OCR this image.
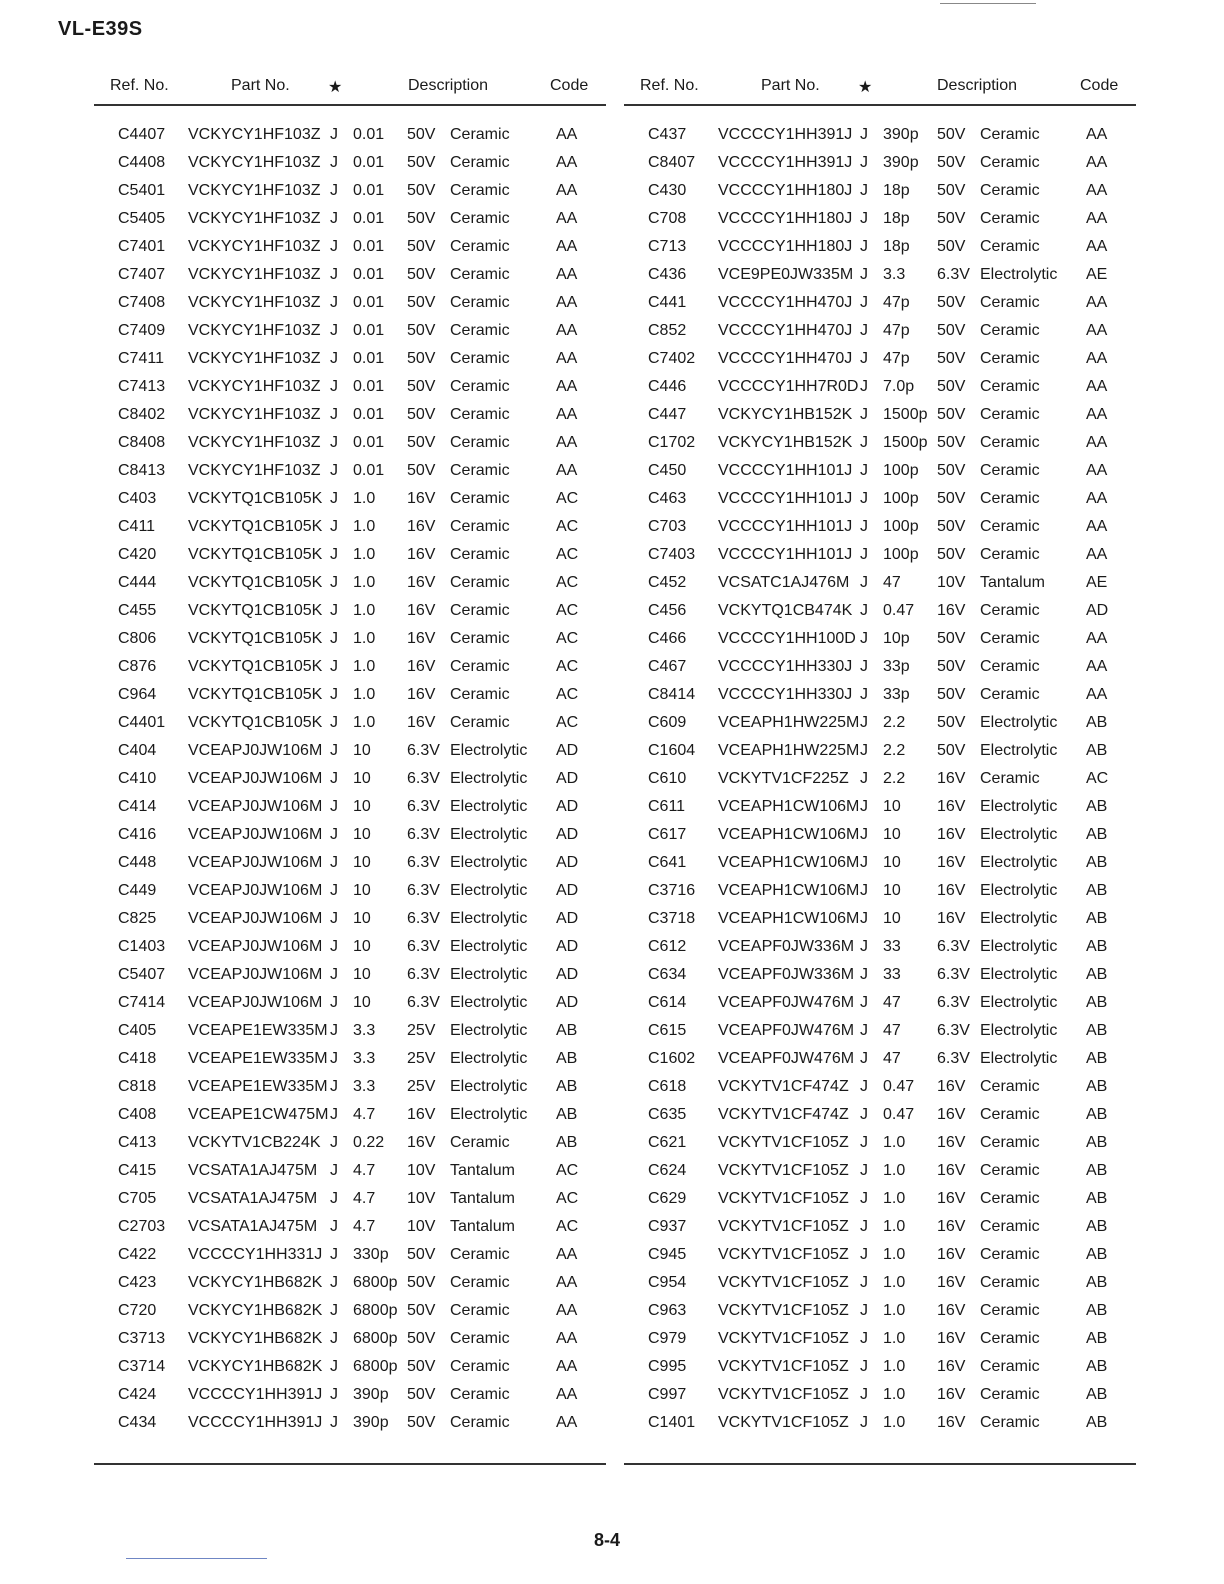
VL-E39S
Ref. No.	Part No. ★	Description	Code
C4407 VCKYCY1HF103Z J 0.01 50V Ceramic	AA
C4408 VCKYCY1HF103Z J 0.01 50V Ceramic	AA
C5401 VCKYCY1HF103Z J 0.01 50V Ceramic	AA
C5405 VCKYCY1HF103Z J 0.01 50V Ceramic	AA
C7401 VCKYCY1HF103Z J 0.01 50V Ceramic	AA
C7407 VCKYCY1HF103Z J 0.01 50V Ceramic	AA
C7408 VCKYCY1HF103Z J 0.01 50V Ceramic	AA
C7409 VCKYCY1HF103Z J 0.01 50V Ceramic	AA
C7411 VCKYCY1HF103Z J 0.01 50V Ceramic	AA
C7413 VCKYCY1HF103Z J 0.01 50V Ceramic	AA
C8402 VCKYCY1HF103Z J 0.01 50V Ceramic	AA
C8408 VCKYCY1HF103Z J 0.01 50V Ceramic	AA
C8413 VCKYCY1HF103Z J 0.01 50V Ceramic	AA
C403 VCKYTQ1CB105K J 1.0 16V Ceramic	AC
C411 VCKYTQ1CB105K J 1.0 16V Ceramic	AC
C420 VCKYTQ1CB105K J 1.0 16V Ceramic	AC
C444 VCKYTQ1CB105K J 1.0 16V Ceramic	AC
C455 VCKYTQ1CB105K J 1.0 16V Ceramic	AC
C806 VCKYTQ1CB105K J 1.0 16V Ceramic	AC
C876 VCKYTQ1CB105K J 1.0 16V Ceramic	AC
C964 VCKYTQ1CB105K J 1.0 16V Ceramic	AC
C4401 VCKYTQ1CB105K J 1.0 16V Ceramic	AC
C404 VCEAPJ0JW106M J 10 6.3V Electrolytic AD
C410 VCEAPJ0JW106M J 10 6.3V Electrolytic AD
C414 VCEAPJ0JW106M J 10 6.3V Electrolytic AD
C416 VCEAPJ0JW106M J 10 6.3V Electrolytic AD
C448 VCEAPJ0JW106M J 10 6.3V Electrolytic AD
C449 VCEAPJ0JW106M J 10 6.3V Electrolytic AD
C825 VCEAPJ0JW106M J 10 6.3V Electrolytic AD
C1403 VCEAPJ0JW106M J 10 6.3V Electrolytic AD
C5407 VCEAPJ0JW106M J 10 6.3V Electrolytic AD
C7414 VCEAPJ0JW106M J 10 6.3V Electrolytic AD
C405 VCEAPE1EW335M J 3.3 25V Electrolytic AB
C418 VCEAPE1EW335M J 3.3 25V Electrolytic AB
C818 VCEAPE1EW335M J 3.3 25V Electrolytic AB
C408 VCEAPE1CW475M J 4.7 16V Electrolytic AB
C413 VCKYTV1CB224K J 0.22 16V Ceramic	AB
C415 VCSATA1AJ475M J 4.7 10V Tantalum	AC
C705 VCSATA1AJ475M J 4.7 10V Tantalum	AC
C2703 VCSATA1AJ475M J 4.7 10V Tantalum	AC
C422 VCCCCY1HH331J J 330p 50V Ceramic	AA
C423 VCKYCY1HB682K J 6800p 50V Ceramic	AA
C720 VCKYCY1HB682K J 6800p 50V Ceramic	AA
C3713 VCKYCY1HB682K J 6800p 50V Ceramic	AA
C3714 VCKYCY1HB682K J 6800p 50V Ceramic	AA
C424 VCCCCY1HH391J J 390p 50V Ceramic	AA
C434 VCCCCY1HH391J J 390p 50V Ceramic	AA
Ref. No.	Part No. ★	Description	Code
C437 VCCCCY1HH391J J 390p 50V Ceramic	AA
C8407 VCCCCY1HH391J J 390p 50V Ceramic	AA
C430 VCCCCY1HH180J J 18p 50V Ceramic	AA
C708 VCCCCY1HH180J J 18p 50V Ceramic	AA
C713 VCCCCY1HH180J J 18p 50V Ceramic	AA
C436 VCE9PE0JW335M J 3.3 6.3V Electrolytic AE
C441 VCCCCY1HH470J J 47p 50V Ceramic	AA
C852 VCCCCY1HH470J J 47p 50V Ceramic	AA
C7402 VCCCCY1HH470J J 47p 50V Ceramic	AA
C446 VCCCCY1HH7R0D J 7.0p 50V Ceramic	AA
C447 VCKYCY1HB152K J 1500p 50V Ceramic	AA
C1702 VCKYCY1HB152K J 1500p 50V Ceramic	AA
C450 VCCCCY1HH101J J 100p 50V Ceramic	AA
C463 VCCCCY1HH101J J 100p 50V Ceramic	AA
C703 VCCCCY1HH101J J 100p 50V Ceramic	AA
C7403 VCCCCY1HH101J J 100p 50V Ceramic	AA
C452 VCSATC1AJ476M J 47 10V Tantalum	AE
C456 VCKYTQ1CB474K J 0.47 16V Ceramic	AD
C466 VCCCCY1HH100D J 10p 50V Ceramic	AA
C467 VCCCCY1HH330J J 33p 50V Ceramic	AA
C8414 VCCCCY1HH330J J 33p 50V Ceramic	AA
C609 VCEAPH1HW225M J 2.2 50V Electrolytic AB
C1604 VCEAPH1HW225M J 2.2 50V Electrolytic AB
C610 VCKYTV1CF225Z J 2.2 16V Ceramic	AC
C611 VCEAPH1CW106M J 10 16V Electrolytic AB
C617 VCEAPH1CW106M J 10 16V Electrolytic AB
C641 VCEAPH1CW106M J 10 16V Electrolytic AB
C3716 VCEAPH1CW106M J 10 16V Electrolytic AB
C3718 VCEAPH1CW106M J 10 16V Electrolytic AB
C612 VCEAPF0JW336M J 33 6.3V Electrolytic AB
C634 VCEAPF0JW336M J 33 6.3V Electrolytic AB
C614 VCEAPF0JW476M J 47 6.3V Electrolytic AB
C615 VCEAPF0JW476M J 47 6.3V Electrolytic AB
C1602 VCEAPF0JW476M J 47 6.3V Electrolytic AB
C618 VCKYTV1CF474Z J 0.47 16V Ceramic	AB
C635 VCKYTV1CF474Z J 0.47 16V Ceramic	AB
C621 VCKYTV1CF105Z J 1.0 16V Ceramic	AB
C624 VCKYTV1CF105Z J 1.0 16V Ceramic	AB
C629 VCKYTV1CF105Z J 1.0 16V Ceramic	AB
C937 VCKYTV1CF105Z J 1.0 16V Ceramic	AB
C945 VCKYTV1CF105Z J 1.0 16V Ceramic	AB
C954 VCKYTV1CF105Z J 1.0 16V Ceramic	AB
C963 VCKYTV1CF105Z J 1.0 16V Ceramic	AB
C979 VCKYTV1CF105Z J 1.0 16V Ceramic	AB
C995 VCKYTV1CF105Z J 1.0 16V Ceramic	AB
C997 VCKYTV1CF105Z J 1.0 16V Ceramic	AB
C1401 VCKYTV1CF105Z J 1.0 16V Ceramic	AB
8-4
